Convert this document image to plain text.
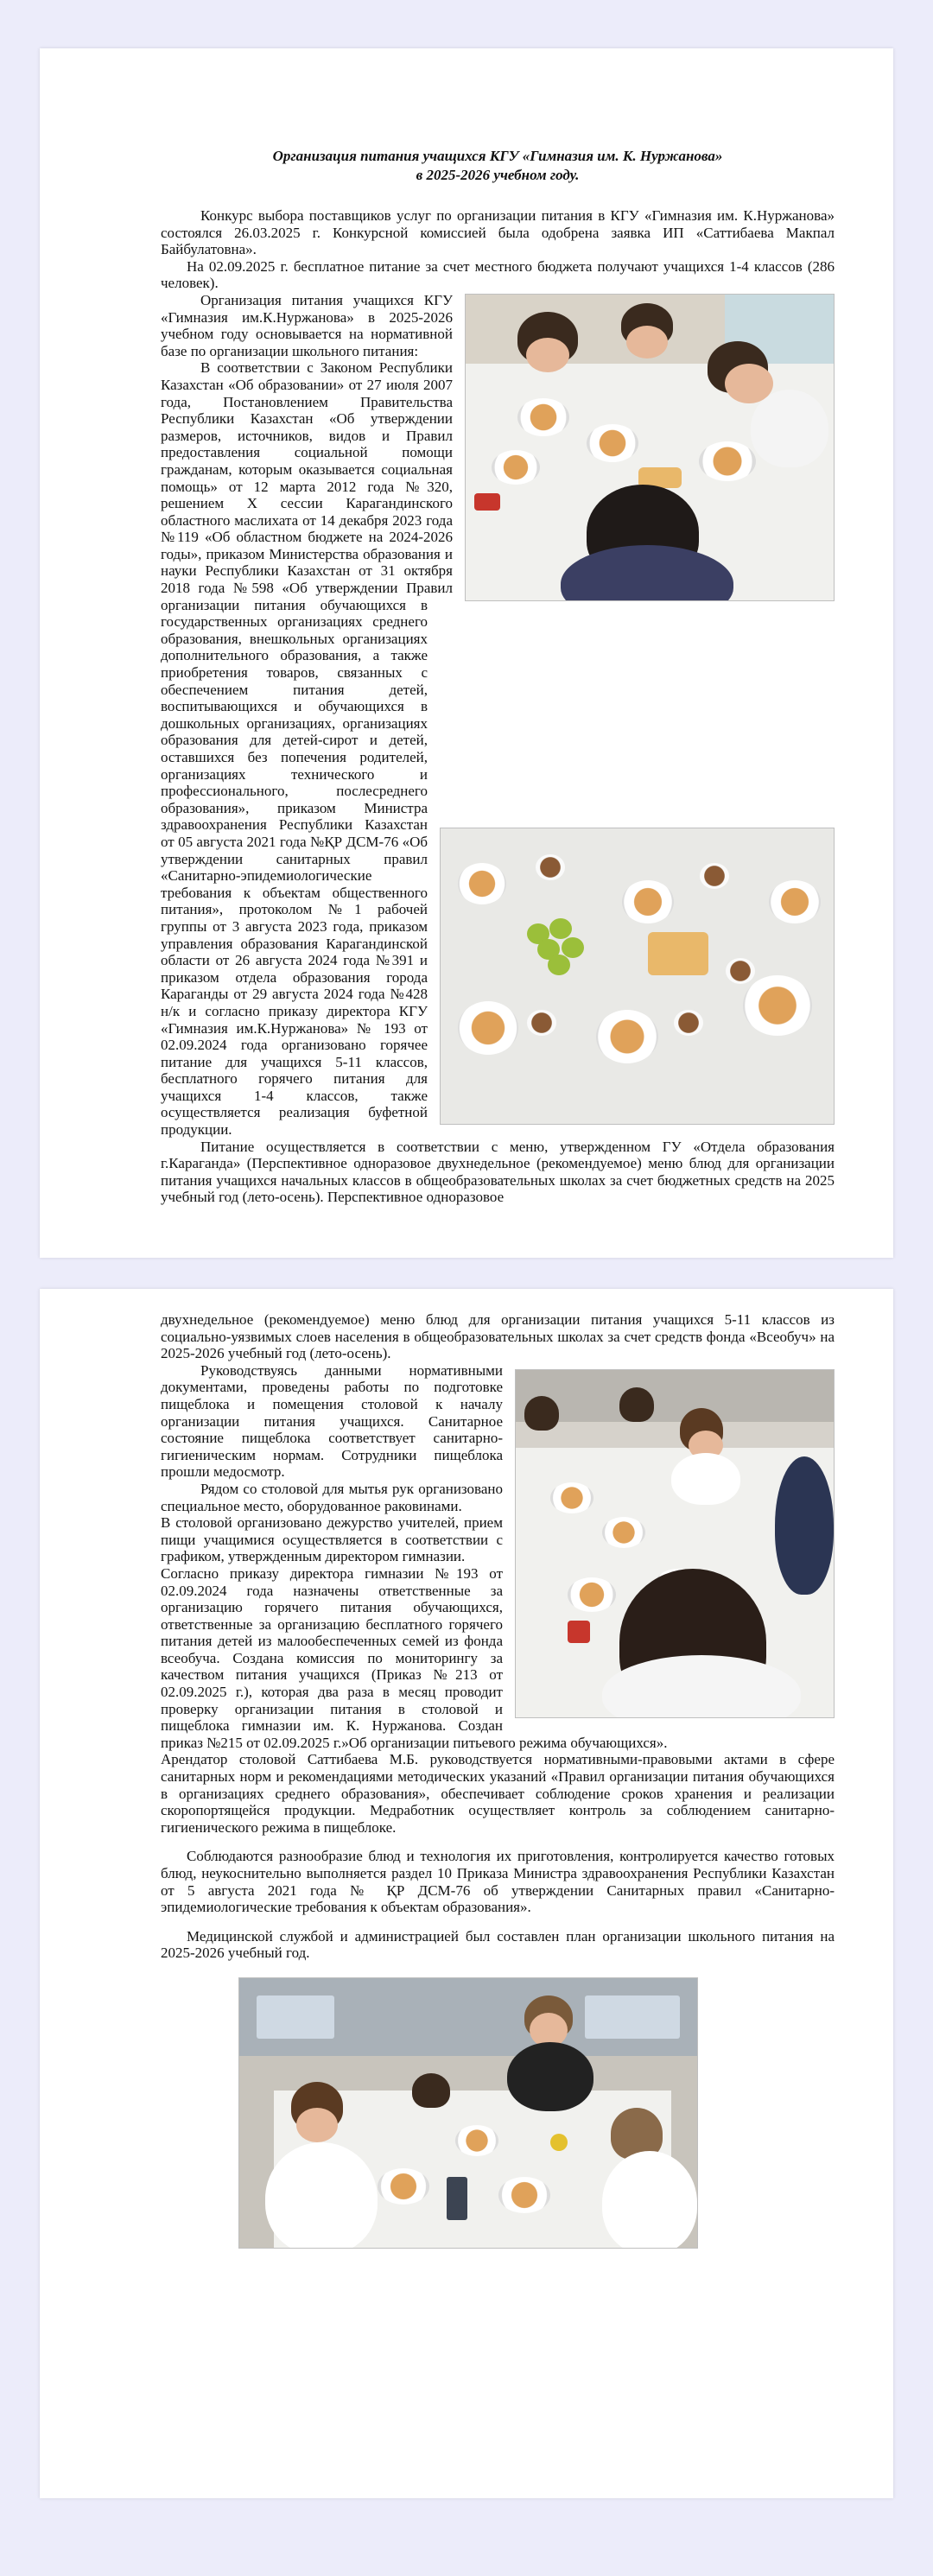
Организация питания учащихся КГУ «Гимназия им. К. Нуржанова»
в 2025-2026 учебном году.

Конкурс выбора поставщиков услуг по организации питания в КГУ «Гимназия им. К.Нуржанова» состоялся 26.03.2025 г. Конкурсной комиссией была одобрена заявка ИП «Саттибаева Макпал Байбулатовна».

На 02.09.2025 г. бесплатное питание за счет местного бюджета получают учащихся 1-4 классов (286 человек).

Организация питания учащихся КГУ «Гимназия им.К.Нуржанова» в 2025-2026 учебном году основывается на нормативной базе по организации школьного питания:

В соответствии с Законом Республики Казахстан «Об образовании» от 27 июля 2007 года, Постановлением Правительства Республики Казахстан «Об утверждении размеров, источников, видов и Правил предоставления социальной помощи гражданам, которым оказывается социальная помощь» от 12 марта 2012 года №320, решением X сессии Карагандинского областного маслихата от 14 декабря 2023 года №119 «Об областном бюджете на 2024-2026 годы», приказом Министерства образования и науки Республики Казахстан от 31 октября 2018 года №598 «Об утверждении Правил организации питания обучающихся в государственных организациях среднего образования, внешкольных организациях дополнительного образования, а также приобретения товаров, связанных с обеспечением питания детей, воспитывающихся и обучающихся в дошкольных организациях, организациях образования для детей-сирот и детей, оставшихся без попечения родителей, организациях технического и профессионального, послесреднего образования», приказом Министра здравоохранения Республики Казахстан от 05 августа 2021 года №ҚР ДСМ-76 «Об утверждении санитарных правил «Санитарно-эпидемиологические требования к объектам общественного питания», протоколом №1 рабочей группы от 3 августа 2023 года, приказом управления образования Карагандинской области от 26 августа 2024 года №391 и приказом отдела образования города Караганды от 29 августа 2024 года №428 н/к и согласно приказу директора КГУ «Гимназия им.К.Нуржанова» № 193 от 02.09.2024 года организовано горячее питание для учащихся 5-11 классов, бесплатного горячего питания для учащихся 1-4 классов, также осуществляется реализация буфетной продукции.

Питание осуществляется в соответствии с меню, утвержденном ГУ «Отдела образования г.Караганда» (Перспективное одноразовое двухнедельное (рекомендуемое) меню блюд для организации питания учащихся начальных классов в общеобразовательных школах за счет бюджетных средств на 2025 учебный год (лето-осень). Перспективное одноразовое

двухнедельное (рекомендуемое) меню блюд для организации питания учащихся 5-11 классов из социально-уязвимых слоев населения в общеобразовательных школах за счет средств фонда «Всеобуч» на 2025-2026 учебный год (лето-осень).

Руководствуясь данными нормативными документами, проведены работы по подготовке пищеблока и помещения столовой к началу организации питания учащихся. Санитарное состояние пищеблока соответствует санитарно-гигиеническим нормам. Сотрудники пищеблока прошли медосмотр.

Рядом со столовой для мытья рук организовано специальное место, оборудованное раковинами.

В столовой организовано дежурство учителей, прием пищи учащимися осуществляется в соответствии с графиком, утвержденным директором гимназии.

Согласно приказу директора гимназии №193 от 02.09.2024 года назначены ответственные за организацию горячего питания обучающихся, ответственные за организацию бесплатного горячего питания детей из малообеспеченных семей из фонда всеобуча. Создана комиссия по мониторингу за качеством питания учащихся (Приказ №213 от 02.09.2025 г.), которая два раза в месяц проводит проверку организации питания в столовой и пищеблока гимназии им. К. Нуржанова. Создан приказ №215 от 02.09.2025 г.»Об организации питьевого режима обучающихся».

Арендатор столовой Саттибаева М.Б. руководствуется нормативными-правовыми актами в сфере санитарных норм и рекомендациями методических указаний «Правил организации питания обучающихся в организациях среднего образования», обеспечивает соблюдение сроков хранения и реализации скоропортящейся продукции. Медработник осуществляет контроль за соблюдением санитарно-гигиенического режима в пищеблоке.

Соблюдаются разнообразие блюд и технология их приготовления, контролируется качество готовых блюд, неукоснительно выполняется раздел 10 Приказа Министра здравоохранения Республики Казахстан от 5 августа 2021 года № ҚР ДСМ-76 об утверждении Санитарных правил «Санитарно-эпидемиологические требования к объектам образования».

Медицинской службой и администрацией был составлен план организации школьного питания на 2025-2026 учебный год.
